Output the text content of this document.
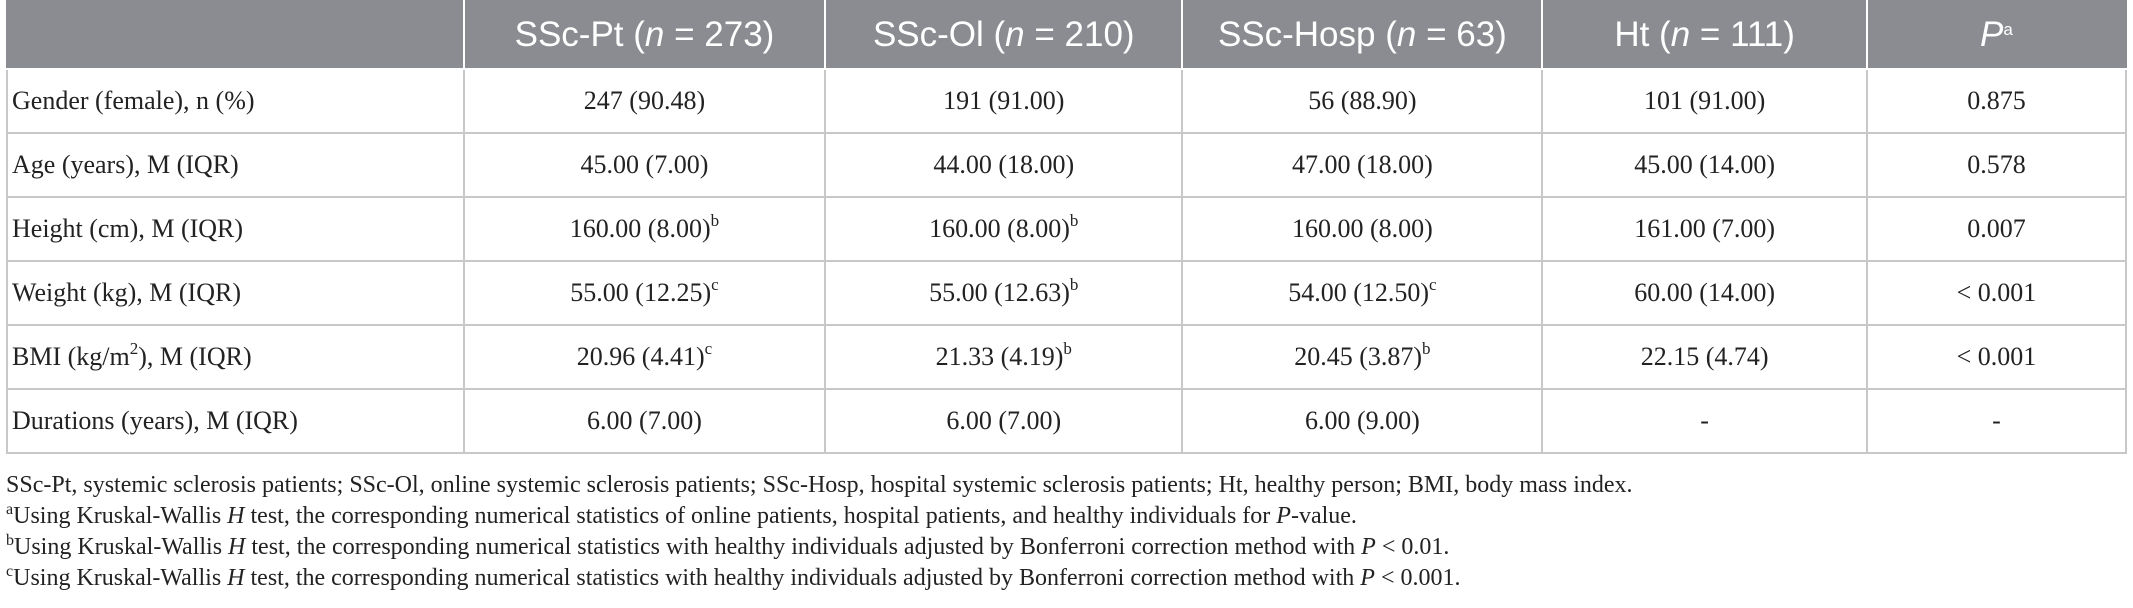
	SSc-Pt (n = 273)	SSc-Ol (n = 210)	SSc-Hosp (n = 63)	Ht (n = 111)	$P^a$
Gender (female), n (%)	247 (90.48)	191 (91.00)	56 (88.90)	101 (91.00)	0.875
Age (years), M (IQR)	45.00 (7.00)	44.00 (18.00)	47.00 (18.00)	45.00 (14.00)	0.578
Height (cm), M (IQR)	160.00 $(8.00)^b$	160.00 $(8.00)^b$	160.00 (8.00)	161.00 (7.00)	0.007
Weight (kg), M (IQR)	55.00 $(12.25)^c$	55.00 $(12.63)^b$	54.00 $(12.50)^c$	60.00 (14.00)	< 0.001
BMI $(kg/m^2)$, M (IQR)	20.96 $(4.41)^c$	21.33 $(4.19)^b$	20.45 $(3.87)^b$	22.15 (4.74)	< 0.001
Durations (years), M (IQR)	6.00 (7.00)	6.00 (7.00)	6.00 (9.00)	-	-
SSc-Pt, systemic sclerosis patients; SSc-Ol, online systemic sclerosis patients; SSc-Hosp, hospital systemic sclerosis patients; Ht, healthy person; BMI, body mass index.
$^a$Using Kruskal-Wallis H test, the corresponding numerical statistics of online patients, hospital patients, and healthy individuals for P-value.
$^b$Using Kruskal-Wallis H test, the corresponding numerical statistics with healthy individuals adjusted by Bonferroni correction method with P < 0.01.
$^c$Using Kruskal-Wallis H test, the corresponding numerical statistics with healthy individuals adjusted by Bonferroni correction method with P < 0.001.
